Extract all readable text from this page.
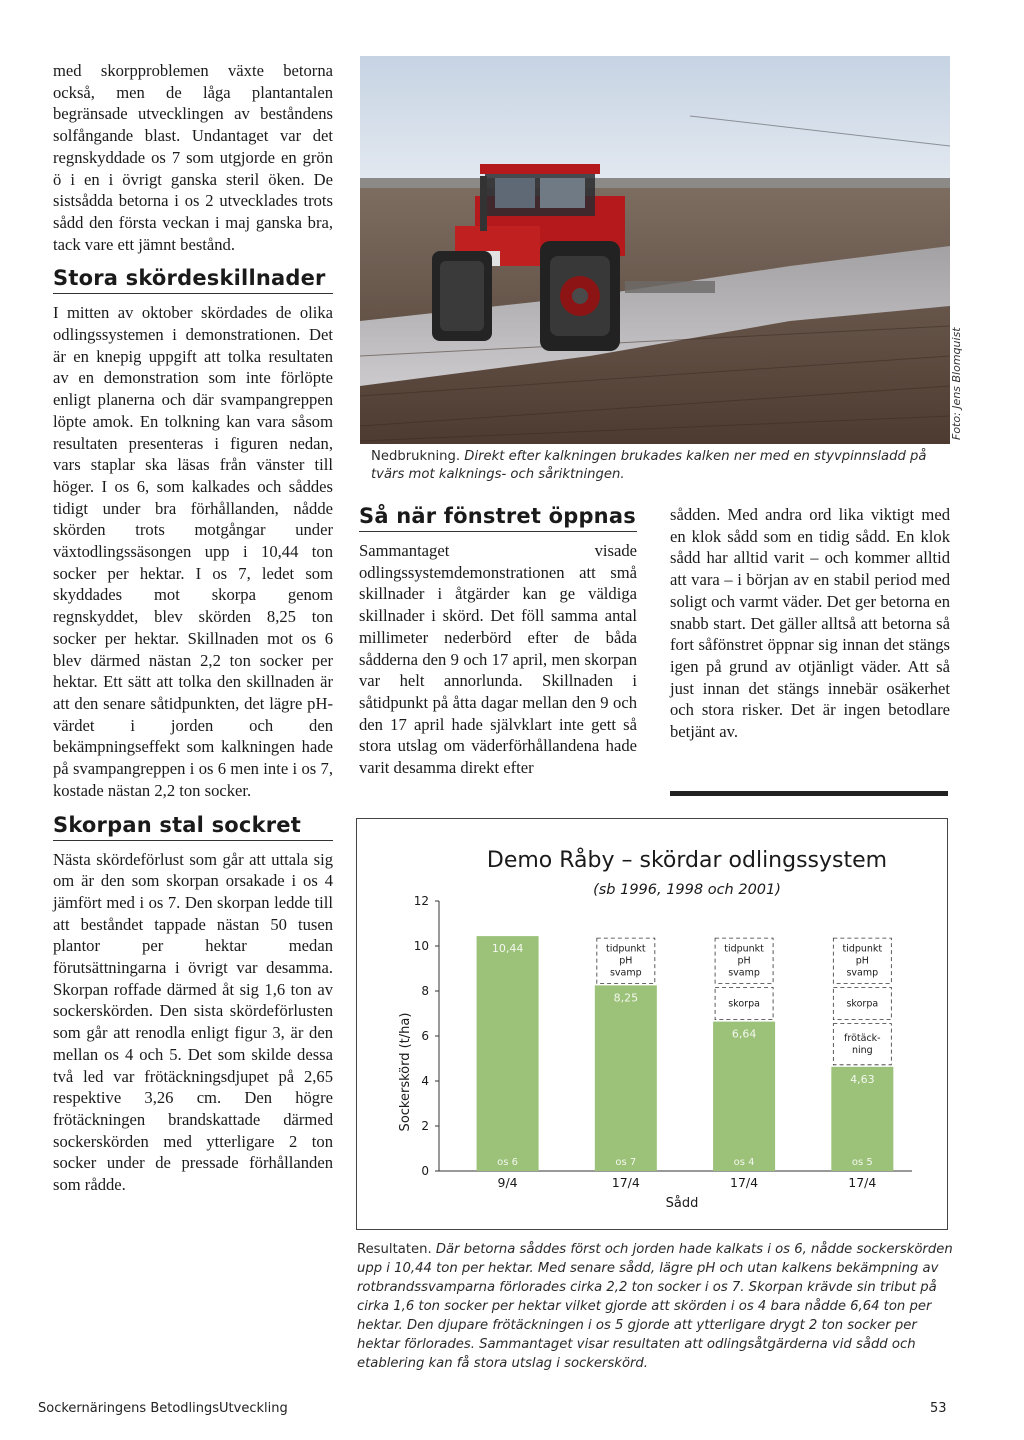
med skorpproblemen växte betorna också, men de låga plantantalen begränsade utvecklingen av beståndens solfångande blast. Undantaget var det regnskyddade os 7 som utgjorde en grön ö i en i övrigt ganska steril öken. De sistsådda betorna i os 2 utvecklades trots sådd den första veckan i maj ganska bra, tack vare ett jämnt bestånd.

Stora skördeskillnader

I mitten av oktober skördades de olika odlingssystemen i demonstrationen. Det är en knepig uppgift att tolka resultaten av en demonstration som inte förlöpte enligt planerna och där svampangreppen löpte amok. En tolkning kan vara såsom resultaten presenteras i figuren nedan, vars staplar ska läsas från vänster till höger. I os 6, som kalkades och såddes tidigt under bra förhållanden, nådde skörden trots motgångar under växtodlingssäsongen upp i 10,44 ton socker per hektar. I os 7, ledet som skyddades mot skorpa genom regnskyddet, blev skörden 8,25 ton socker per hektar. Skillnaden mot os 6 blev därmed nästan 2,2 ton socker per hektar. Ett sätt att tolka den skillnaden är att den senare såtidpunkten, det lägre pH-värdet i jorden och den bekämpningseffekt som kalkningen hade på svampangreppen i os 6 men inte i os 7, kostade nästan 2,2 ton socker.

Skorpan stal sockret

Nästa skördeförlust som går att uttala sig om är den som skorpan orsakade i os 4 jämfört med i os 7. Den skorpan ledde till att beståndet tappade nästan 50 tusen plantor per hektar medan förutsättningarna i övrigt var desamma. Skorpan roffade därmed åt sig 1,6 ton av sockerskörden. Den sista skördeförlusten som går att renodla enligt figur 3, är den mellan os 4 och 5. Det som skilde dessa två led var frötäckningsdjupet på 2,65 respektive 3,26 cm. Den högre frötäckningen brandskattade därmed sockerskörden med ytterligare 2 ton socker under de pressade förhållanden som rådde.

Foto: Jens Blomquist

Nedbrukning. Direkt efter kalkningen brukades kalken ner med en styvpinnsladd på tvärs mot kalknings- och såriktningen.

Så när fönstret öppnas

Sammantaget visade odlingssystemdemonstrationen att små skillnader i åtgärder kan ge väldiga skillnader i skörd. Det föll samma antal millimeter nederbörd efter de båda sådderna den 9 och 17 april, men skorpan var helt annorlunda. Skillnaden i såtidpunkt på åtta dagar mellan den 9 och den 17 april hade självklart inte gett så stora utslag om väderförhållandena hade varit desamma direkt efter

sådden. Med andra ord lika viktigt med en klok sådd som en tidig sådd. En klok sådd har alltid varit – och kommer alltid att vara – i början av en stabil period med soligt och varmt väder. Det ger betorna en snabb start. Det gäller alltså att betorna så fort såfönstret öppnar sig innan det stängs igen på grund av otjänligt väder. Att så just innan det stängs innebär osäkerhet och stora risker. Det är ingen betodlare betjänt av.

Demo Råby – skördar odlingssystem
(sb 1996, 1998 och 2001)
Sockerskörd (t/ha)
Sådd
0
2
4
6
8
10
12
10,44
os 6
9/4
8,25
os 7
17/4
6,64
os 4
17/4
4,63
os 5
17/4
tidpunkt
pH
svamp
tidpunkt
pH
svamp
skorpa
tidpunkt
pH
svamp
skorpa
frötäck-
ning

Resultaten. Där betorna såddes först och jorden hade kalkats i os 6, nådde sockerskörden upp i 10,44 ton per hektar. Med senare sådd, lägre pH och utan kalkens bekämpning av rotbrandssvamparna förlorades cirka 2,2 ton socker i os 7. Skorpan krävde sin tribut på cirka 1,6 ton socker per hektar vilket gjorde att skörden i os 4 bara nådde 6,64 ton per hektar. Den djupare frötäckningen i os 5 gjorde att ytterligare drygt 2 ton socker per hektar förlorades. Sammantaget visar resultaten att odlingsåtgärderna vid sådd och etablering kan få stora utslag i sockerskörd.

Sockernäringens BetodlingsUtveckling	53
